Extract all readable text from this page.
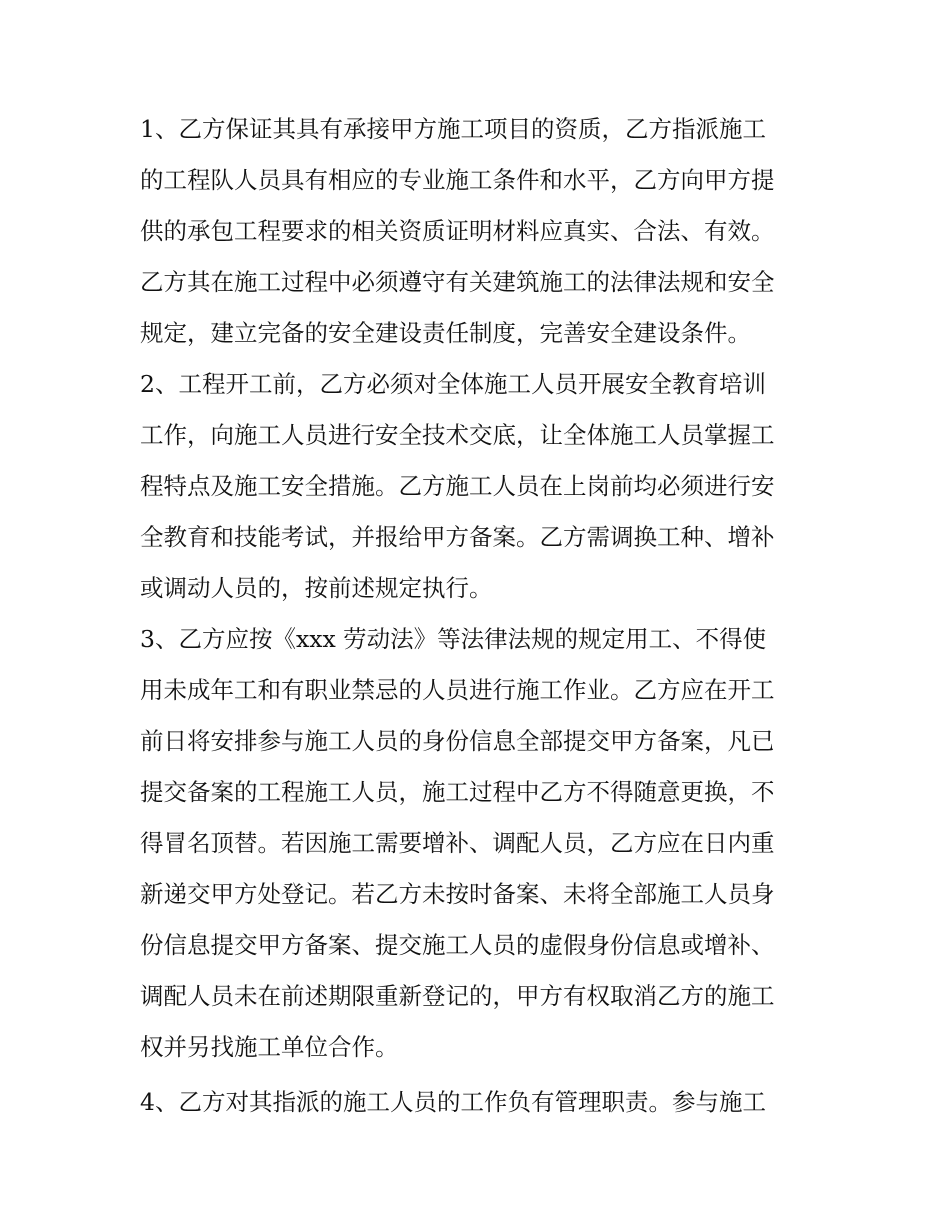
1、乙方保证其具有承接甲方施工项目的资质，乙方指派施工
的工程队人员具有相应的专业施工条件和水平，乙方向甲方提
供的承包工程要求的相关资质证明材料应真实、合法、有效。
乙方其在施工过程中必须遵守有关建筑施工的法律法规和安全
规定，建立完备的安全建设责任制度，完善安全建设条件。
2、工程开工前，乙方必须对全体施工人员开展安全教育培训
工作，向施工人员进行安全技术交底，让全体施工人员掌握工
程特点及施工安全措施。乙方施工人员在上岗前均必须进行安
全教育和技能考试，并报给甲方备案。乙方需调换工种、增补
或调动人员的，按前述规定执行。
3、乙方应按《xxx 劳动法》等法律法规的规定用工、不得使
用未成年工和有职业禁忌的人员进行施工作业。乙方应在开工
前日将安排参与施工人员的身份信息全部提交甲方备案，凡已
提交备案的工程施工人员，施工过程中乙方不得随意更换，不
得冒名顶替。若因施工需要增补、调配人员，乙方应在日内重
新递交甲方处登记。若乙方未按时备案、未将全部施工人员身
份信息提交甲方备案、提交施工人员的虚假身份信息或增补、
调配人员未在前述期限重新登记的，甲方有权取消乙方的施工
权并另找施工单位合作。
4、乙方对其指派的施工人员的工作负有管理职责。参与施工
